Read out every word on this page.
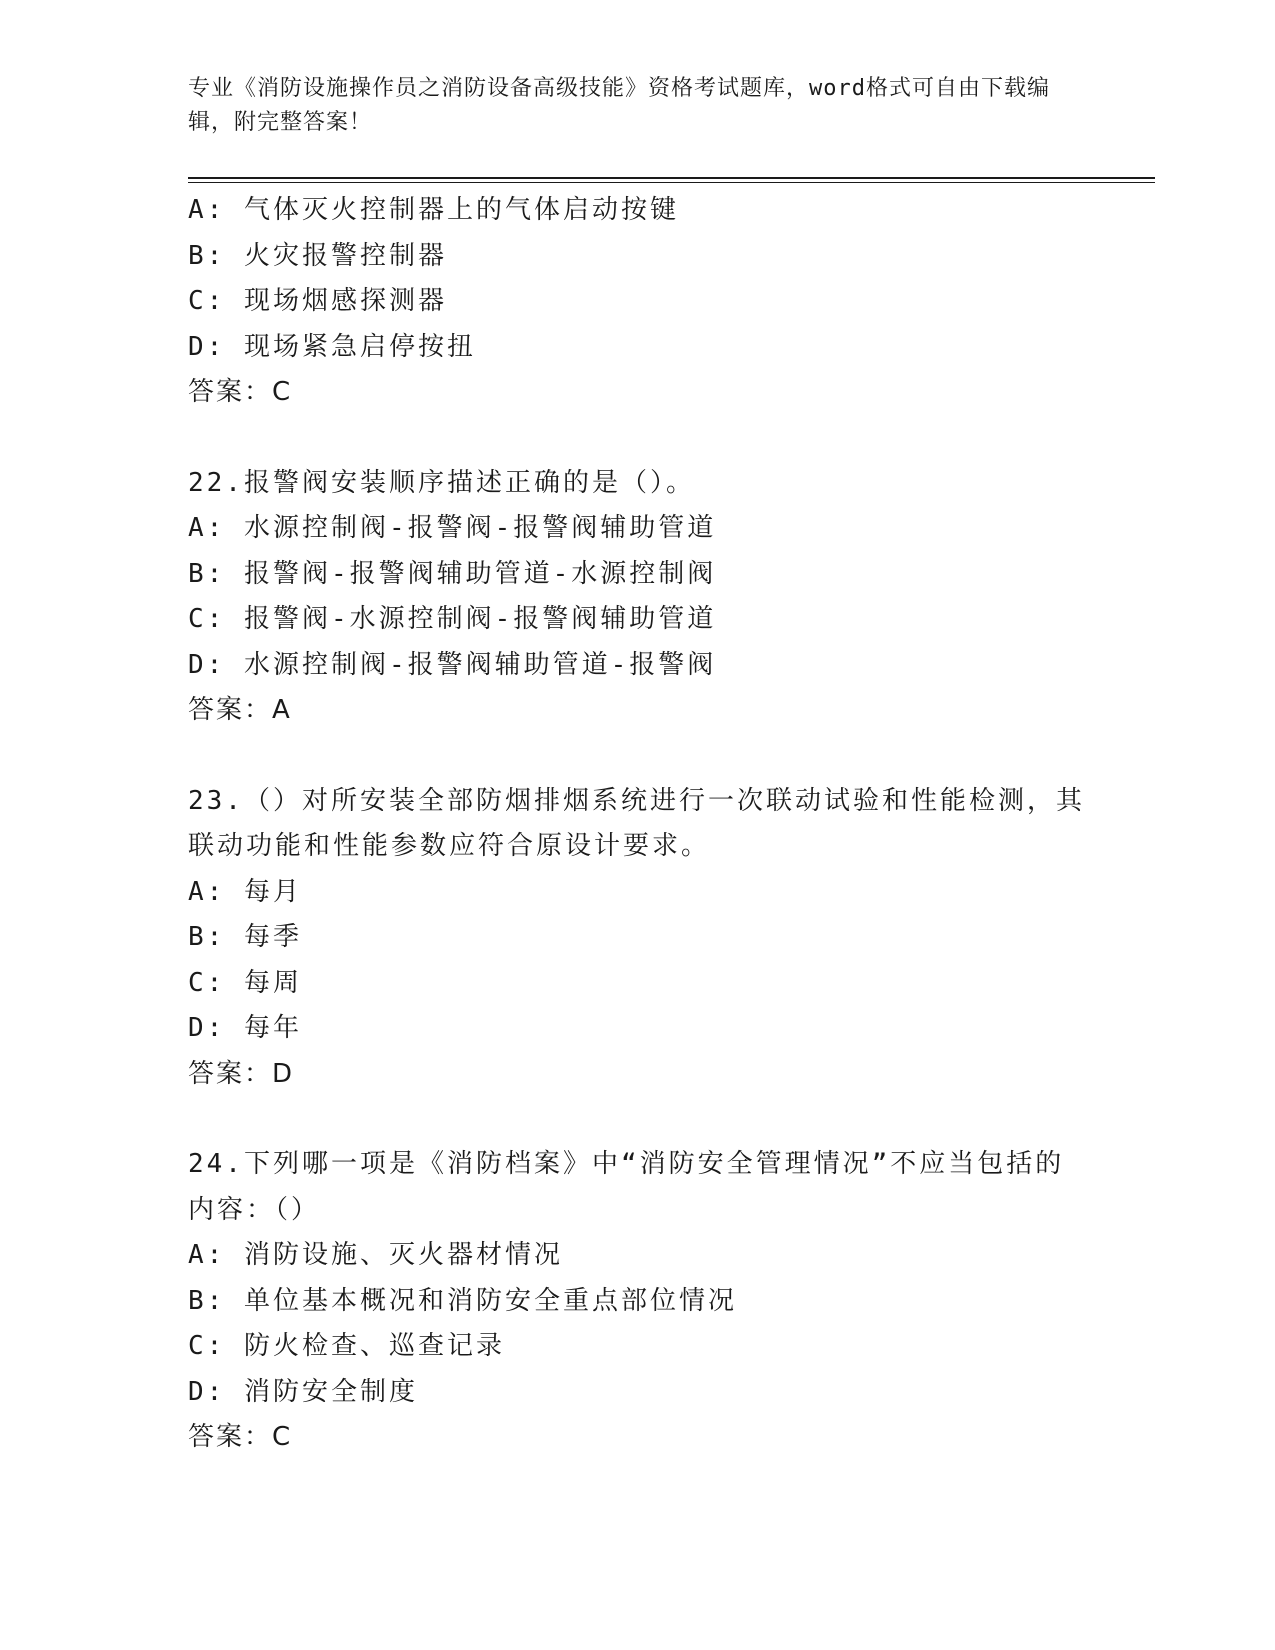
专业《消防设施操作员之消防设备高级技能》资格考试题库，word格式可自由下载编辑，附完整答案！
A: 气体灭火控制器上的气体启动按键
B: 火灾报警控制器
C: 现场烟感探测器
D: 现场紧急启停按扭
答案：C
22.报警阀安装顺序描述正确的是（）。
A: 水源控制阀-报警阀-报警阀辅助管道
B: 报警阀-报警阀辅助管道-水源控制阀
C: 报警阀-水源控制阀-报警阀辅助管道
D: 水源控制阀-报警阀辅助管道-报警阀
答案：A
23.（）对所安装全部防烟排烟系统进行一次联动试验和性能检测，其联动功能和性能参数应符合原设计要求。
A: 每月
B: 每季
C: 每周
D: 每年
答案：D
24.下列哪一项是《消防档案》中“消防安全管理情况”不应当包括的内容：（）
A: 消防设施、灭火器材情况
B: 单位基本概况和消防安全重点部位情况
C: 防火检查、巡查记录
D: 消防安全制度
答案：C
